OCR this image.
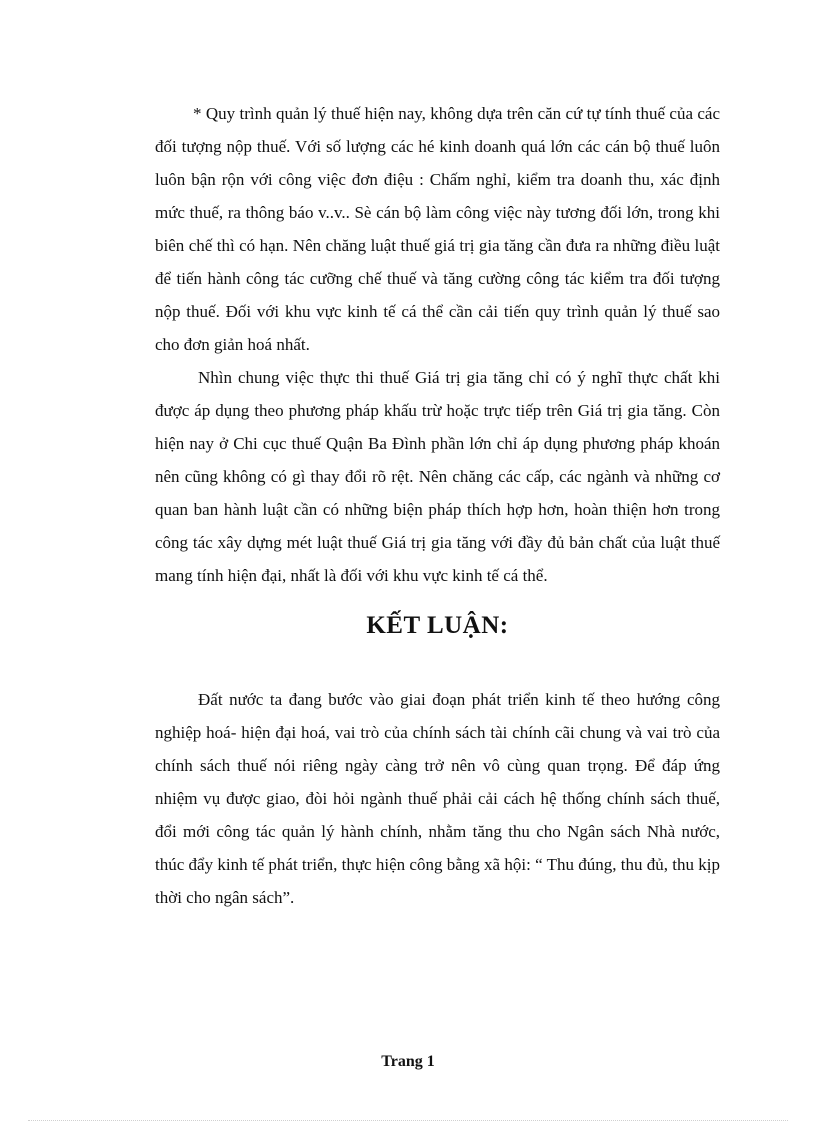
* Quy trình quản lý thuế hiện nay, không dựa trên căn cứ tự tính thuế của các đối tượng nộp thuế. Với số lượng các hé kinh doanh quá lớn các cán bộ thuế luôn luôn bận rộn với công việc đơn điệu : Chấm nghỉ, kiểm tra doanh thu, xác định mức thuế, ra thông báo v..v.. Sè cán bộ làm công việc này tương đối lớn, trong khi biên chế thì có hạn. Nên chăng luật thuế giá trị gia tăng cần đưa ra những điều luật để tiến hành công tác cưỡng chế thuế và tăng cường công tác kiểm tra đối tượng nộp thuế. Đối với khu vực kinh tế cá thể cần cải tiến quy trình quản lý thuế sao cho đơn giản hoá nhất.

Nhìn chung việc thực thi thuế Giá trị gia tăng chỉ có ý nghĩ thực chất khi được áp dụng theo phương pháp khấu trừ hoặc trực tiếp trên Giá trị gia tăng. Còn hiện nay ở Chi cục thuế Quận Ba Đình phần lớn chỉ áp dụng phương pháp khoán nên cũng không có gì thay đổi rõ rệt. Nên chăng các cấp, các ngành và những cơ quan ban hành luật cần có những biện pháp thích hợp hơn, hoàn thiện hơn trong công tác xây dựng mét luật thuế Giá trị gia tăng với đầy đủ bản chất của luật thuế mang tính hiện đại, nhất là đối với khu vực kinh tế cá thể.

KẾT LUẬN:

Đất nước ta đang bước vào giai đoạn phát triển kinh tế theo hướng công nghiệp hoá- hiện đại hoá, vai trò của chính sách tài chính cãi chung và vai trò của chính sách thuế nói riêng ngày càng trở nên vô cùng quan trọng. Để đáp ứng nhiệm vụ được giao, đòi hỏi ngành thuế phải cải cách hệ thống chính sách thuế, đổi mới công tác quản lý hành chính, nhằm tăng thu cho Ngân sách Nhà nước, thúc đẩy kinh tế phát triển, thực hiện công bằng xã hội: “ Thu đúng, thu đủ, thu kịp thời cho ngân sách”.

Trang 1
